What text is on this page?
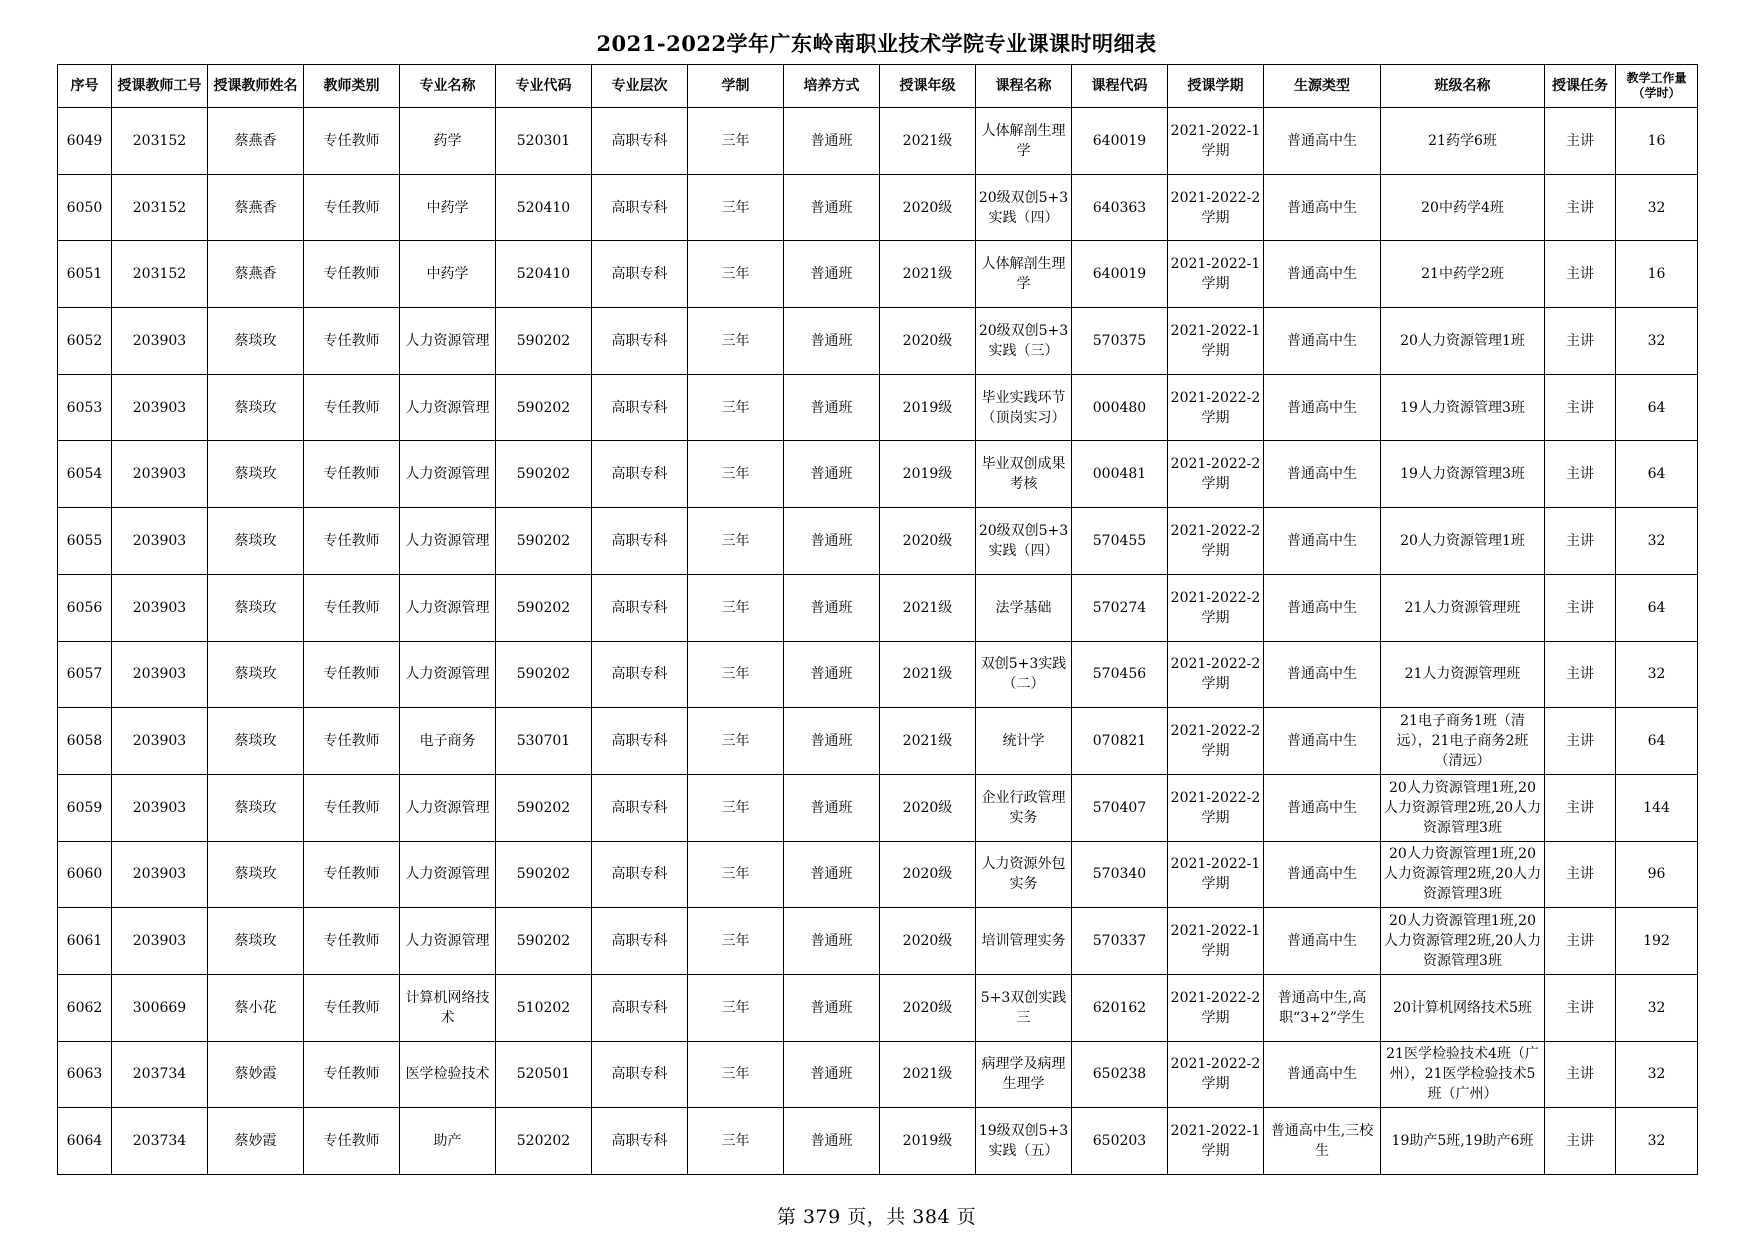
2021-2022学年广东岭南职业技术学院专业课课时明细表
序号	授课教师工号	授课教师姓名	教师类别	专业名称	专业代码	专业层次	学制	培养方式	授课年级	课程名称	课程代码	授课学期	生源类型	班级名称	授课任务	教学工作量（学时）

6049	203152	蔡燕香	专任教师	药学	520301	高职专科	三年	普通班	2021级	人体解剖生理学	640019	2021-2022-1学期	普通高中生	21药学6班	主讲	16

6050	203152	蔡燕香	专任教师	中药学	520410	高职专科	三年	普通班	2020级	20级双创5+3实践（四）	640363	2021-2022-2学期	普通高中生	20中药学4班	主讲	32

6051	203152	蔡燕香	专任教师	中药学	520410	高职专科	三年	普通班	2021级	人体解剖生理学	640019	2021-2022-1学期	普通高中生	21中药学2班	主讲	16

6052	203903	蔡琰玫	专任教师	人力资源管理	590202	高职专科	三年	普通班	2020级	20级双创5+3实践（三）	570375	2021-2022-1学期	普通高中生	20人力资源管理1班	主讲	32

6053	203903	蔡琰玫	专任教师	人力资源管理	590202	高职专科	三年	普通班	2019级	毕业实践环节（顶岗实习）	000480	2021-2022-2学期	普通高中生	19人力资源管理3班	主讲	64

6054	203903	蔡琰玫	专任教师	人力资源管理	590202	高职专科	三年	普通班	2019级	毕业双创成果考核	000481	2021-2022-2学期	普通高中生	19人力资源管理3班	主讲	64

6055	203903	蔡琰玫	专任教师	人力资源管理	590202	高职专科	三年	普通班	2020级	20级双创5+3实践（四）	570455	2021-2022-2学期	普通高中生	20人力资源管理1班	主讲	32

6056	203903	蔡琰玫	专任教师	人力资源管理	590202	高职专科	三年	普通班	2021级	法学基础	570274	2021-2022-2学期	普通高中生	21人力资源管理班	主讲	64

6057	203903	蔡琰玫	专任教师	人力资源管理	590202	高职专科	三年	普通班	2021级	双创5+3实践（二）	570456	2021-2022-2学期	普通高中生	21人力资源管理班	主讲	32

6058	203903	蔡琰玫	专任教师	电子商务	530701	高职专科	三年	普通班	2021级	统计学	070821	2021-2022-2学期	普通高中生	21电子商务1班（清远），21电子商务2班（清远）	主讲	64

6059	203903	蔡琰玫	专任教师	人力资源管理	590202	高职专科	三年	普通班	2020级	企业行政管理实务	570407	2021-2022-2学期	普通高中生	20人力资源管理1班,20人力资源管理2班,20人力资源管理3班	主讲	144

6060	203903	蔡琰玫	专任教师	人力资源管理	590202	高职专科	三年	普通班	2020级	人力资源外包实务	570340	2021-2022-1学期	普通高中生	20人力资源管理1班,20人力资源管理2班,20人力资源管理3班	主讲	96

6061	203903	蔡琰玫	专任教师	人力资源管理	590202	高职专科	三年	普通班	2020级	培训管理实务	570337	2021-2022-1学期	普通高中生	20人力资源管理1班,20人力资源管理2班,20人力资源管理3班	主讲	192

6062	300669	蔡小花	专任教师	计算机网络技术	510202	高职专科	三年	普通班	2020级	5+3双创实践三	620162	2021-2022-2学期	普通高中生,高职“3+2”学生	20计算机网络技术5班	主讲	32

6063	203734	蔡妙霞	专任教师	医学检验技术	520501	高职专科	三年	普通班	2021级	病理学及病理生理学	650238	2021-2022-2学期	普通高中生	21医学检验技术4班（广州），21医学检验技术5班（广州）	主讲	32

6064	203734	蔡妙霞	专任教师	助产	520202	高职专科	三年	普通班	2019级	19级双创5+3实践（五）	650203	2021-2022-1学期	普通高中生,三校生	19助产5班,19助产6班	主讲	32
第 379 页，共 384 页
